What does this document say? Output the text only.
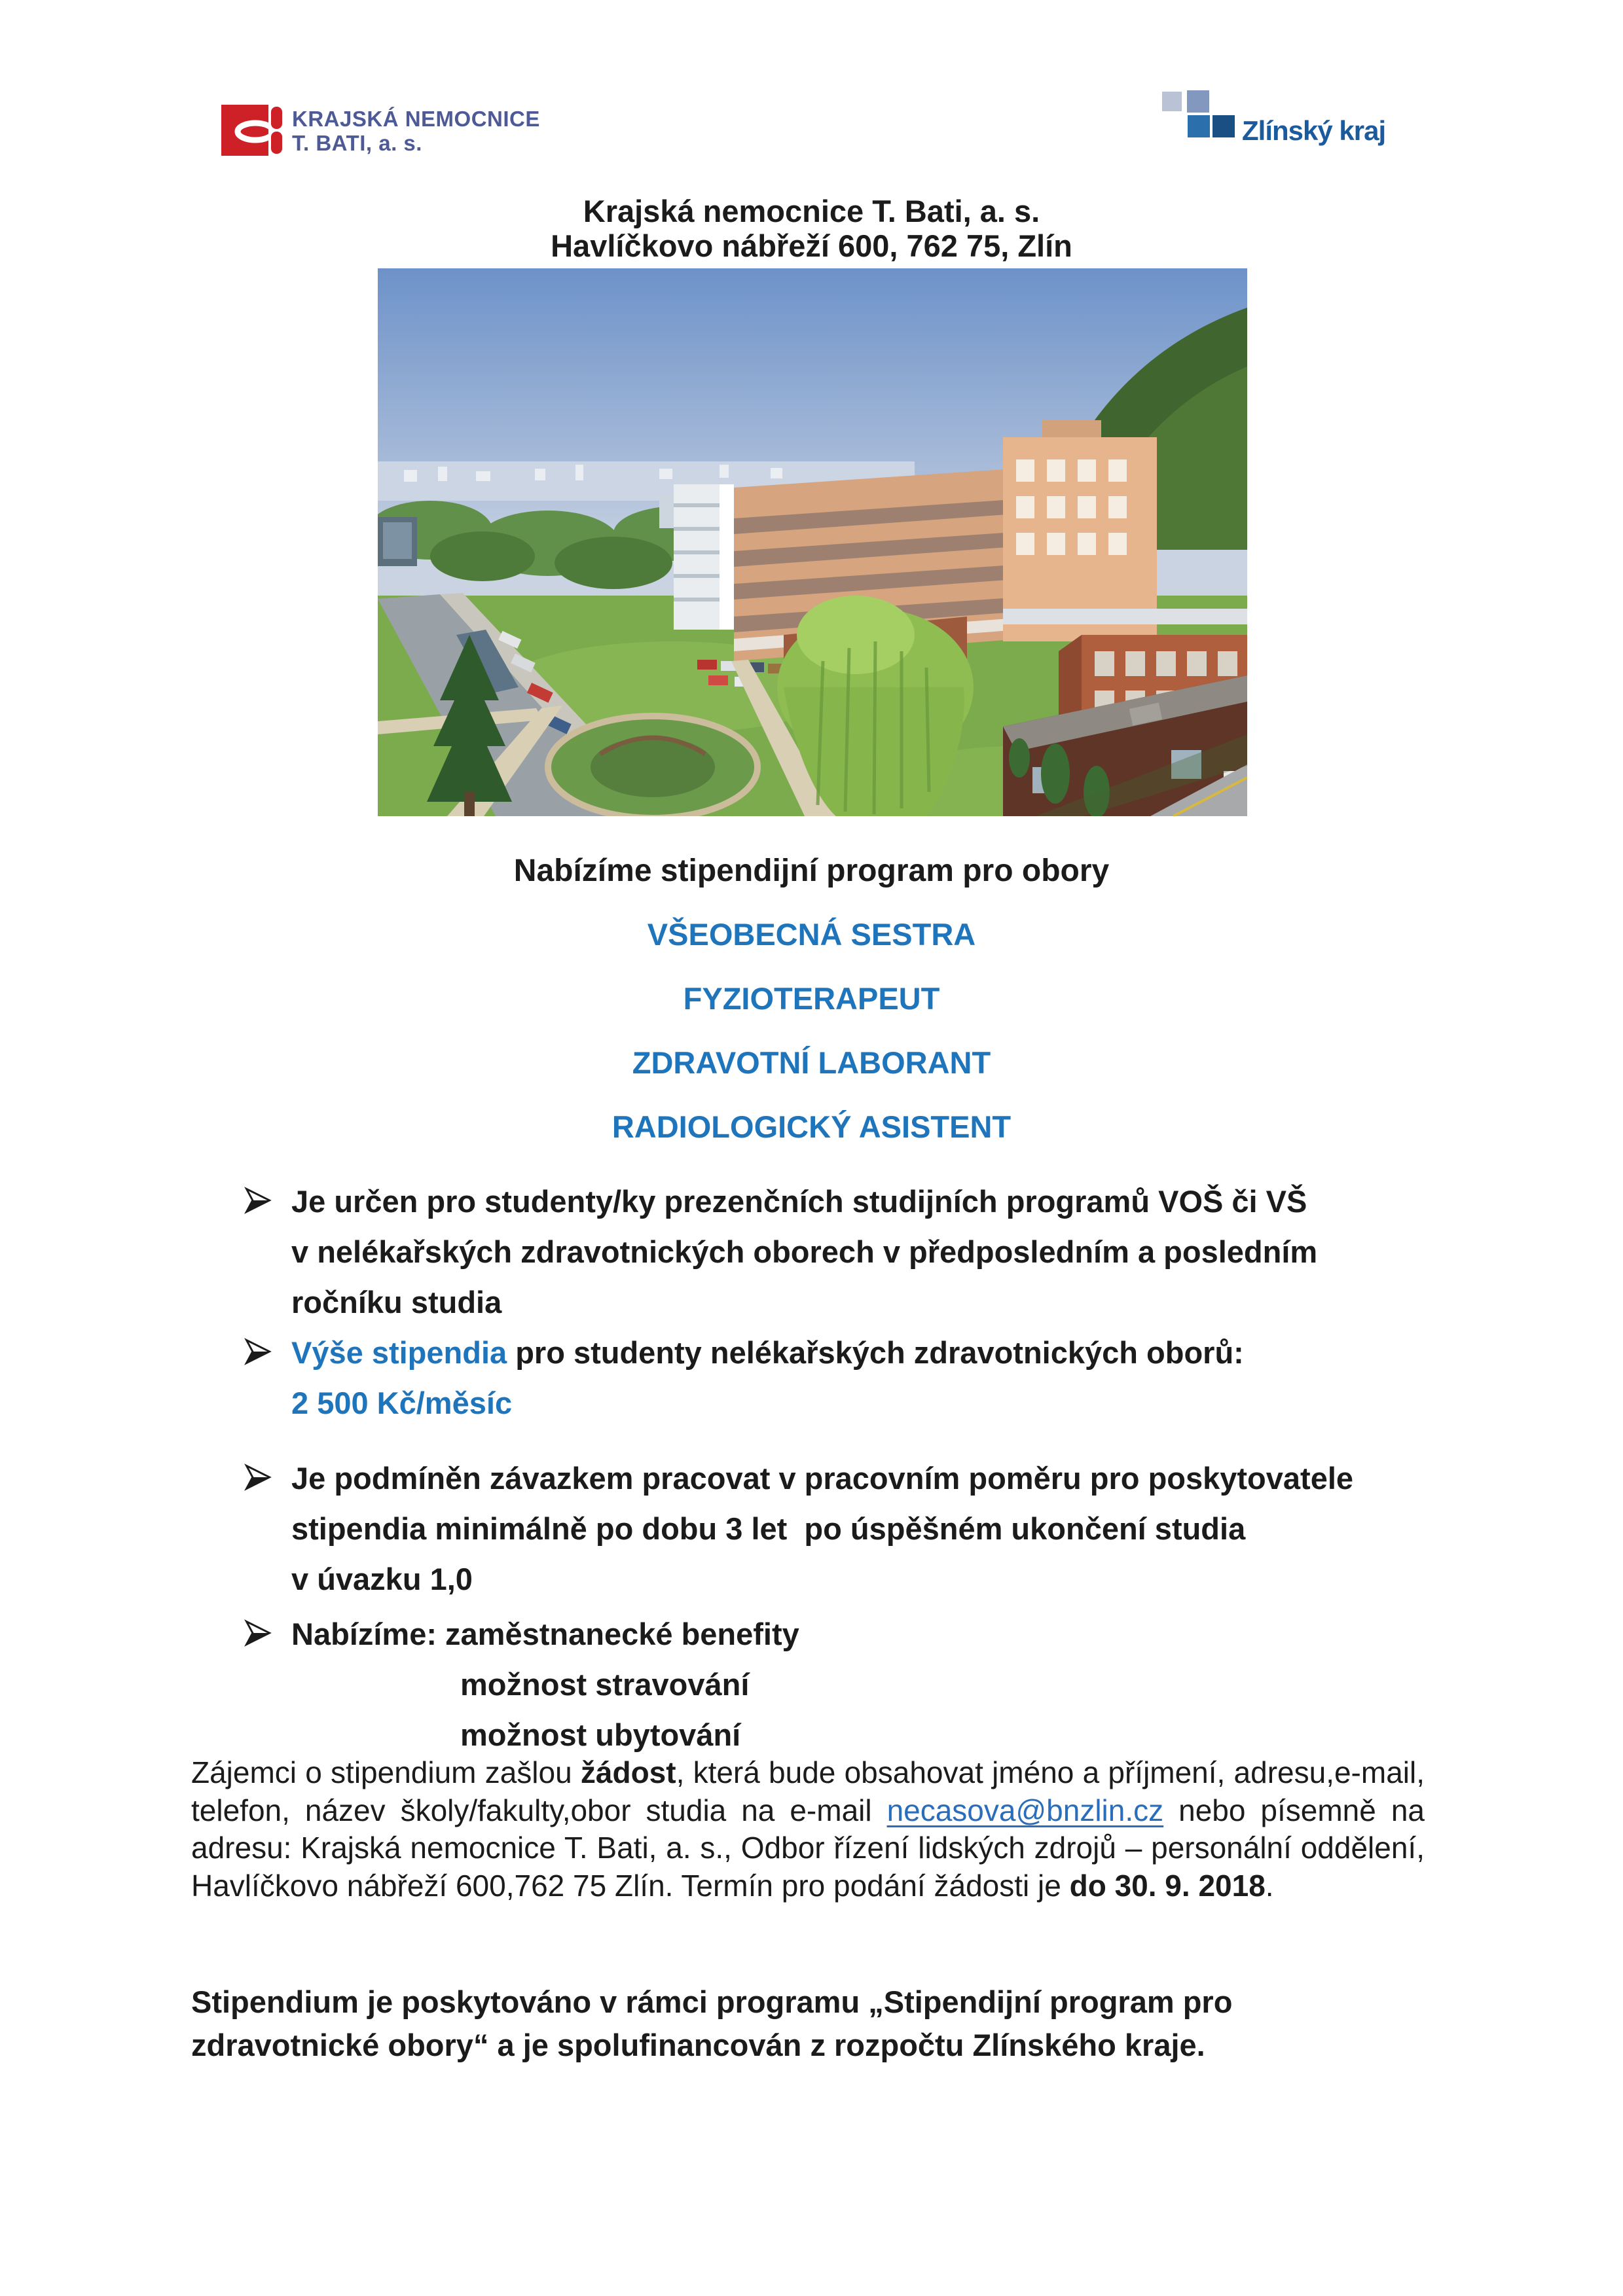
KRAJSKÁ NEMOCNICE
T. BATI, a. s.	Zlínský kraj
Krajská nemocnice T. Bati, a. s.
Havlíčkovo nábřeží 600, 762 75, Zlín
Nabízíme stipendijní program pro obory
VŠEOBECNÁ SESTRA
FYZIOTERAPEUT
ZDRAVOTNÍ LABORANT
RADIOLOGICKÝ ASISTENT
Je určen pro studenty/ky prezenčních studijních programů VOŠ či VŠ
v nelékařských zdravotnických oborech v předposledním a posledním
ročníku studia
Výše stipendia pro studenty nelékařských zdravotnických oborů:
2 500 Kč/měsíc
Je podmíněn závazkem pracovat v pracovním poměru pro poskytovatele
stipendia minimálně po dobu 3 let  po úspěšném ukončení studia
v úvazku 1,0
Nabízíme: zaměstnanecké benefity
možnost stravování
možnost ubytování
Zájemci o stipendium zašlou žádost, která bude obsahovat jméno a příjmení, adresu,e-mail, telefon, název školy/fakulty,obor studia na e-mail necasova@bnzlin.cz nebo písemně na adresu: Krajská nemocnice T. Bati, a. s., Odbor řízení lidských zdrojů – personální oddělení, Havlíčkovo nábřeží 600,762 75 Zlín. Termín pro podání žádosti je do 30. 9. 2018.
Stipendium je poskytováno v rámci programu „Stipendijní program pro
zdravotnické obory“ a je spolufinancován z rozpočtu Zlínského kraje.
